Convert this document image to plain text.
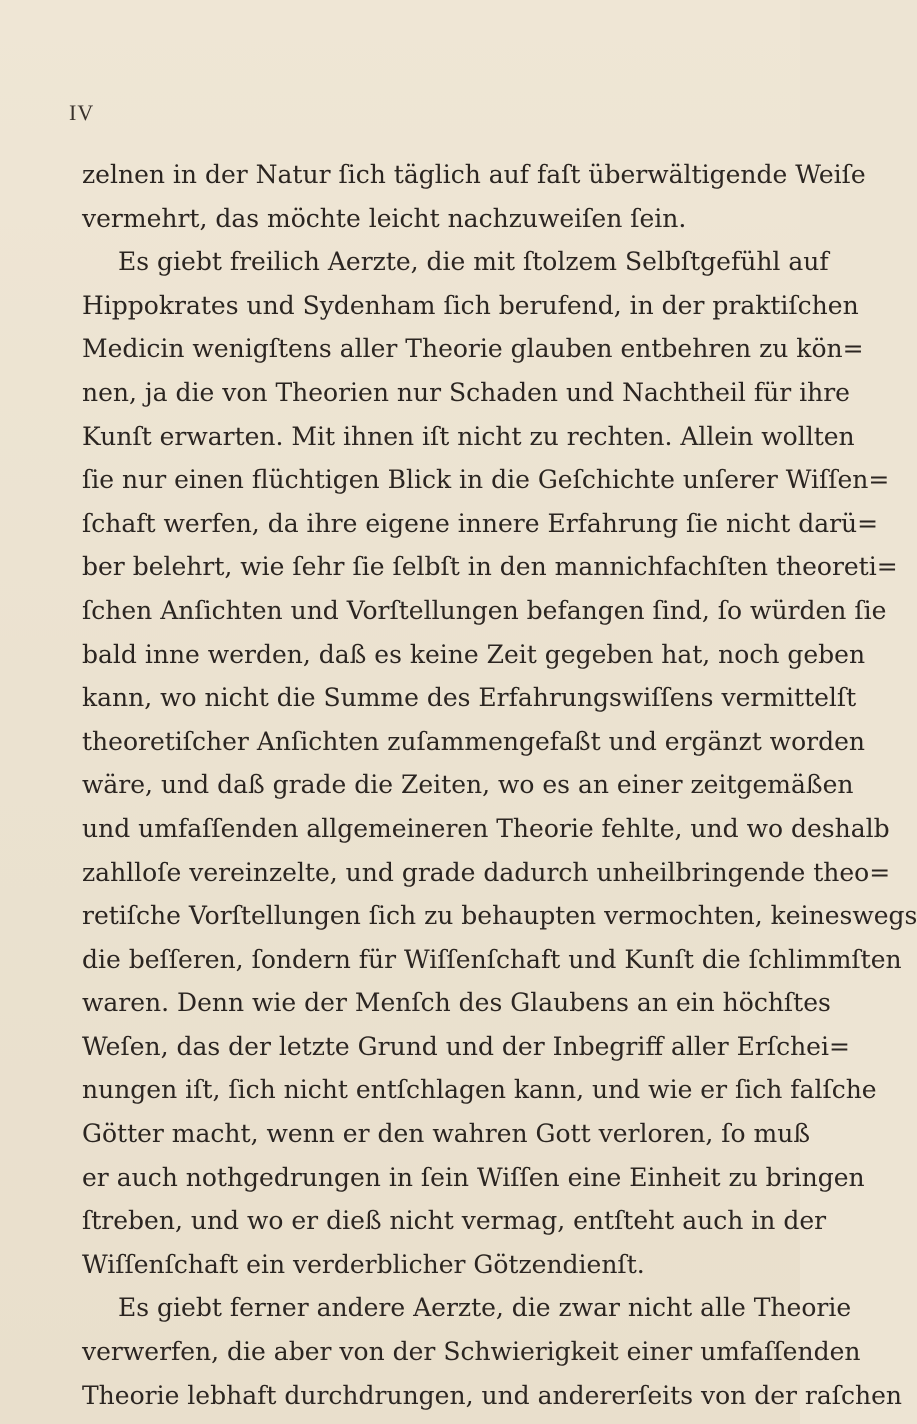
IV
zelnen in der Natur ſich täglich auf faſt überwältigende Weiſe
vermehrt, das möchte leicht nachzuweiſen ſein.
Es giebt freilich Aerzte, die mit ſtolzem Selbſtgefühl auf
Hippokrates und Sydenham ſich berufend, in der praktiſchen
Medicin wenigſtens aller Theorie glauben entbehren zu kön=
nen, ja die von Theorien nur Schaden und Nachtheil für ihre
Kunſt erwarten. Mit ihnen iſt nicht zu rechten. Allein wollten
ſie nur einen flüchtigen Blick in die Geſchichte unſerer Wiſſen=
ſchaft werfen, da ihre eigene innere Erfahrung ſie nicht darü=
ber belehrt, wie ſehr ſie ſelbſt in den mannichfachſten theoreti=
ſchen Anſichten und Vorſtellungen befangen ſind, ſo würden ſie
bald inne werden, daß es keine Zeit gegeben hat, noch geben
kann, wo nicht die Summe des Erfahrungswiſſens vermittelſt
theoretiſcher Anſichten zuſammengefaßt und ergänzt worden
wäre, und daß grade die Zeiten, wo es an einer zeitgemäßen
und umfaſſenden allgemeineren Theorie fehlte, und wo deshalb
zahlloſe vereinzelte, und grade dadurch unheilbringende theo=
retiſche Vorſtellungen ſich zu behaupten vermochten, keineswegs
die beſſeren, ſondern für Wiſſenſchaft und Kunſt die ſchlimmſten
waren. Denn wie der Menſch des Glaubens an ein höchſtes
Weſen, das der letzte Grund und der Inbegriff aller Erſchei=
nungen iſt, ſich nicht entſchlagen kann, und wie er ſich falſche
Götter macht, wenn er den wahren Gott verloren, ſo muß
er auch nothgedrungen in ſein Wiſſen eine Einheit zu bringen
ſtreben, und wo er dieß nicht vermag, entſteht auch in der
Wiſſenſchaft ein verderblicher Götzendienſt.
Es giebt ferner andere Aerzte, die zwar nicht alle Theorie
verwerfen, die aber von der Schwierigkeit einer umfaſſenden
Theorie lebhaft durchdrungen, und andererſeits von der raſchen
